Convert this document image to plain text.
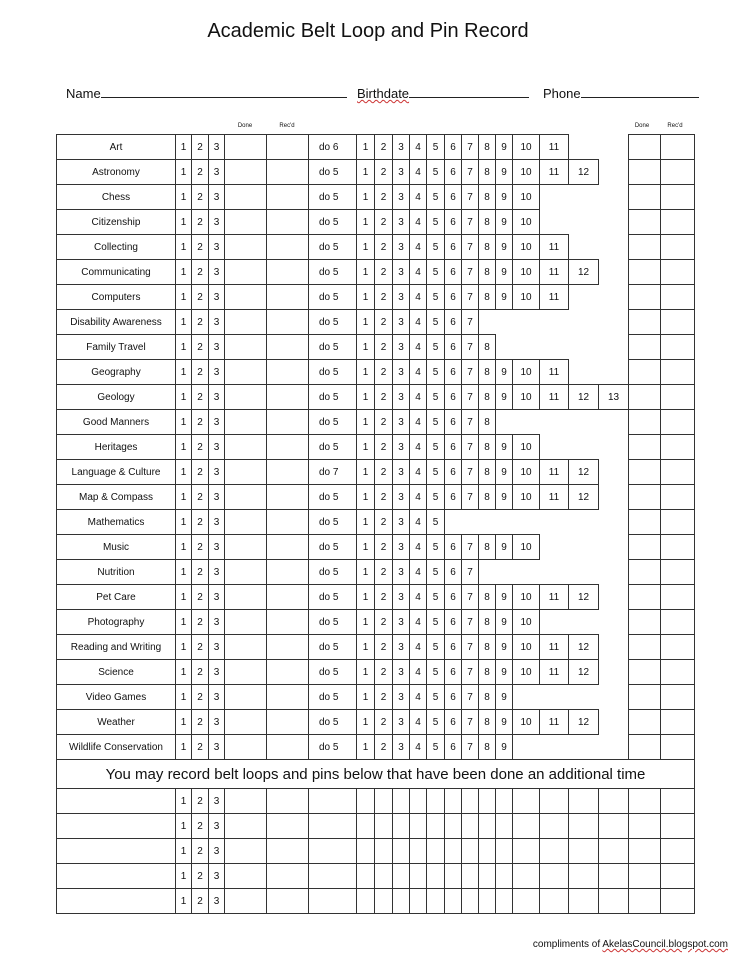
Academic Belt Loop and Pin Record
Name	Birthdate	Phone
Done	Rec'd	Done	Rec'd
Art	1	2	3			do 6	1	2	3	4	5	6	7	8	9	10	11				
Astronomy	1	2	3			do 5	1	2	3	4	5	6	7	8	9	10	11	12			
Chess	1	2	3			do 5	1	2	3	4	5	6	7	8	9	10					
Citizenship	1	2	3			do 5	1	2	3	4	5	6	7	8	9	10					
Collecting	1	2	3			do 5	1	2	3	4	5	6	7	8	9	10	11				
Communicating	1	2	3			do 5	1	2	3	4	5	6	7	8	9	10	11	12			
Computers	1	2	3			do 5	1	2	3	4	5	6	7	8	9	10	11				
Disability Awareness	1	2	3			do 5	1	2	3	4	5	6	7								
Family Travel	1	2	3			do 5	1	2	3	4	5	6	7	8							
Geography	1	2	3			do 5	1	2	3	4	5	6	7	8	9	10	11				
Geology	1	2	3			do 5	1	2	3	4	5	6	7	8	9	10	11	12	13		
Good Manners	1	2	3			do 5	1	2	3	4	5	6	7	8							
Heritages	1	2	3			do 5	1	2	3	4	5	6	7	8	9	10					
Language & Culture	1	2	3			do 7	1	2	3	4	5	6	7	8	9	10	11	12			
Map & Compass	1	2	3			do 5	1	2	3	4	5	6	7	8	9	10	11	12			
Mathematics	1	2	3			do 5	1	2	3	4	5										
Music	1	2	3			do 5	1	2	3	4	5	6	7	8	9	10					
Nutrition	1	2	3			do 5	1	2	3	4	5	6	7								
Pet Care	1	2	3			do 5	1	2	3	4	5	6	7	8	9	10	11	12			
Photography	1	2	3			do 5	1	2	3	4	5	6	7	8	9	10					
Reading and Writing	1	2	3			do 5	1	2	3	4	5	6	7	8	9	10	11	12			
Science	1	2	3			do 5	1	2	3	4	5	6	7	8	9	10	11	12			
Video Games	1	2	3			do 5	1	2	3	4	5	6	7	8	9						
Weather	1	2	3			do 5	1	2	3	4	5	6	7	8	9	10	11	12			
Wildlife Conservation	1	2	3			do 5	1	2	3	4	5	6	7	8	9						
You may record belt loops and pins below that have been done an additional time																					
	1	2	3																		
	1	2	3																		
	1	2	3																		
	1	2	3																		
	1	2	3																		
compliments of AkelasCouncil.blogspot.com
